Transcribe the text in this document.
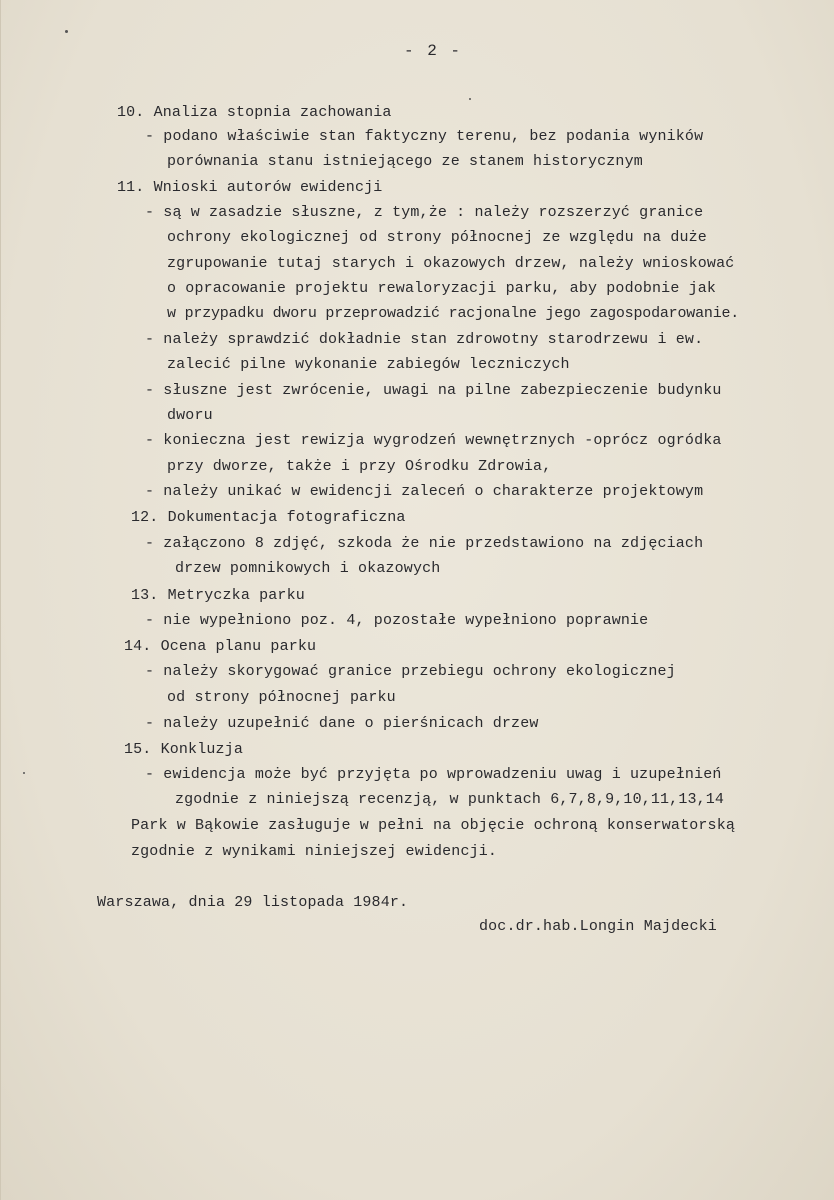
- 2 -
10. Analiza stopnia zachowania
- podano właściwie stan faktyczny terenu, bez podania wyników
porównania stanu istniejącego ze stanem historycznym
11. Wnioski autorów ewidencji
- są w zasadzie słuszne, z tym,że : należy rozszerzyć granice
ochrony ekologicznej od strony północnej ze względu na duże
zgrupowanie tutaj starych i okazowych drzew, należy wnioskować
o opracowanie projektu rewaloryzacji parku, aby podobnie jak
w przypadku dworu przeprowadzić racjonalne jego zagospodarowanie.
- należy sprawdzić dokładnie stan zdrowotny starodrzewu i ew.
zalecić pilne wykonanie zabiegów leczniczych
- słuszne jest zwrócenie, uwagi na pilne zabezpieczenie budynku
dworu
- konieczna jest rewizja wygrodzeń wewnętrznych -oprócz ogródka
przy dworze, także i przy Ośrodku Zdrowia,
- należy unikać w ewidencji zaleceń o charakterze projektowym
12. Dokumentacja fotograficzna
- załączono 8 zdjęć, szkoda że nie przedstawiono na zdjęciach
drzew pomnikowych i okazowych
13. Metryczka parku
- nie wypełniono poz. 4, pozostałe wypełniono poprawnie
14. Ocena planu parku
- należy skorygować granice przebiegu ochrony ekologicznej
od strony północnej parku
- należy uzupełnić dane o pierśnicach drzew
15. Konkluzja
- ewidencja może być przyjęta po wprowadzeniu uwag i uzupełnień
zgodnie z niniejszą recenzją, w punktach 6,7,8,9,10,11,13,14
Park w Bąkowie zasługuje w pełni na objęcie ochroną konserwatorską
zgodnie z wynikami niniejszej ewidencji.
Warszawa, dnia 29 listopada 1984r.
doc.dr.hab.Longin Majdecki
